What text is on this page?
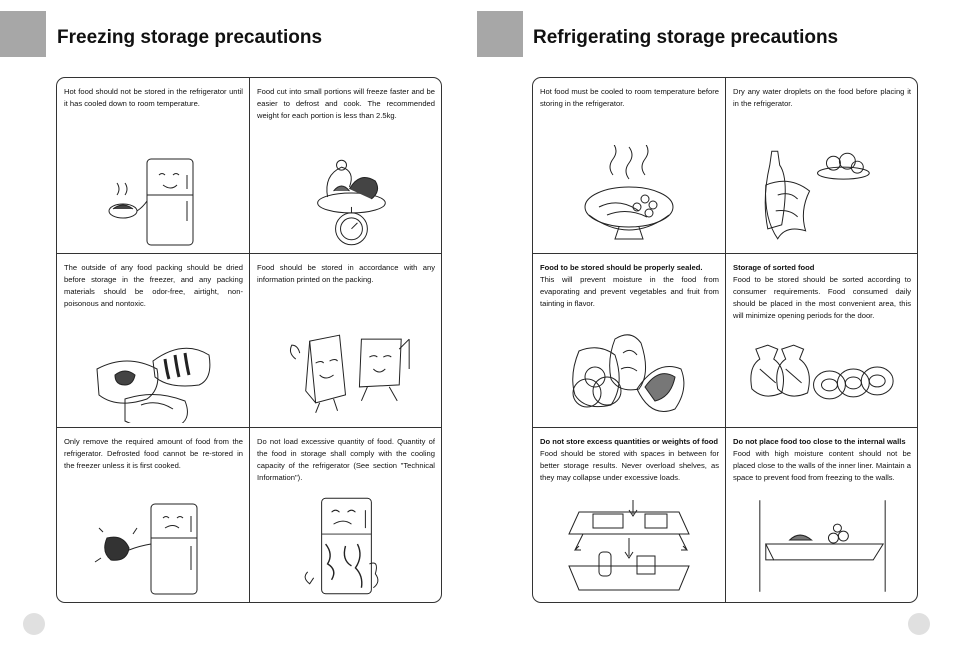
Freezing storage precautions	Refrigerating storage precautions
Hot food should not be stored in the refrigerator until it has cooled down to room temperature.
Food cut into small portions will freeze faster and be easier to defrost and cook. The recommended weight for each portion is less than 2.5kg.
The outside of any food packing should be dried before storage in the freezer, and any packing materials should be odor-free, airtight, non-poisonous and nontoxic.
Food should be stored in accordance with any information printed on the packing.
Only remove the required amount of food from the refrigerator. Defrosted food cannot be re-stored in the freezer unless it is first cooked.
Do not load excessive quantity of food. Quantity of the food in storage shall comply with the cooling capacity of the refrigerator (See section "Technical Information").
Hot food must be cooled to room temperature before storing in the refrigerator.
Dry any water droplets on the food before placing it in the refrigerator.
Food to be stored should be properly sealed.
This will prevent moisture in the food from evaporating and prevent vegetables and fruit from tainting in flavor.
Storage of sorted food
Food to be stored should be sorted according to consumer requirements. Food consumed daily should be placed in the most convenient area, this will minimize opening periods for the door.
Do not store excess quantities or weights of food
Food should be stored with spaces in between for better storage results. Never overload shelves, as they may collapse under excessive loads.
Do not place food too close to the internal walls
Food with high moisture content should not be placed close to the walls of the inner liner. Maintain a space to prevent food from freezing to the walls.
